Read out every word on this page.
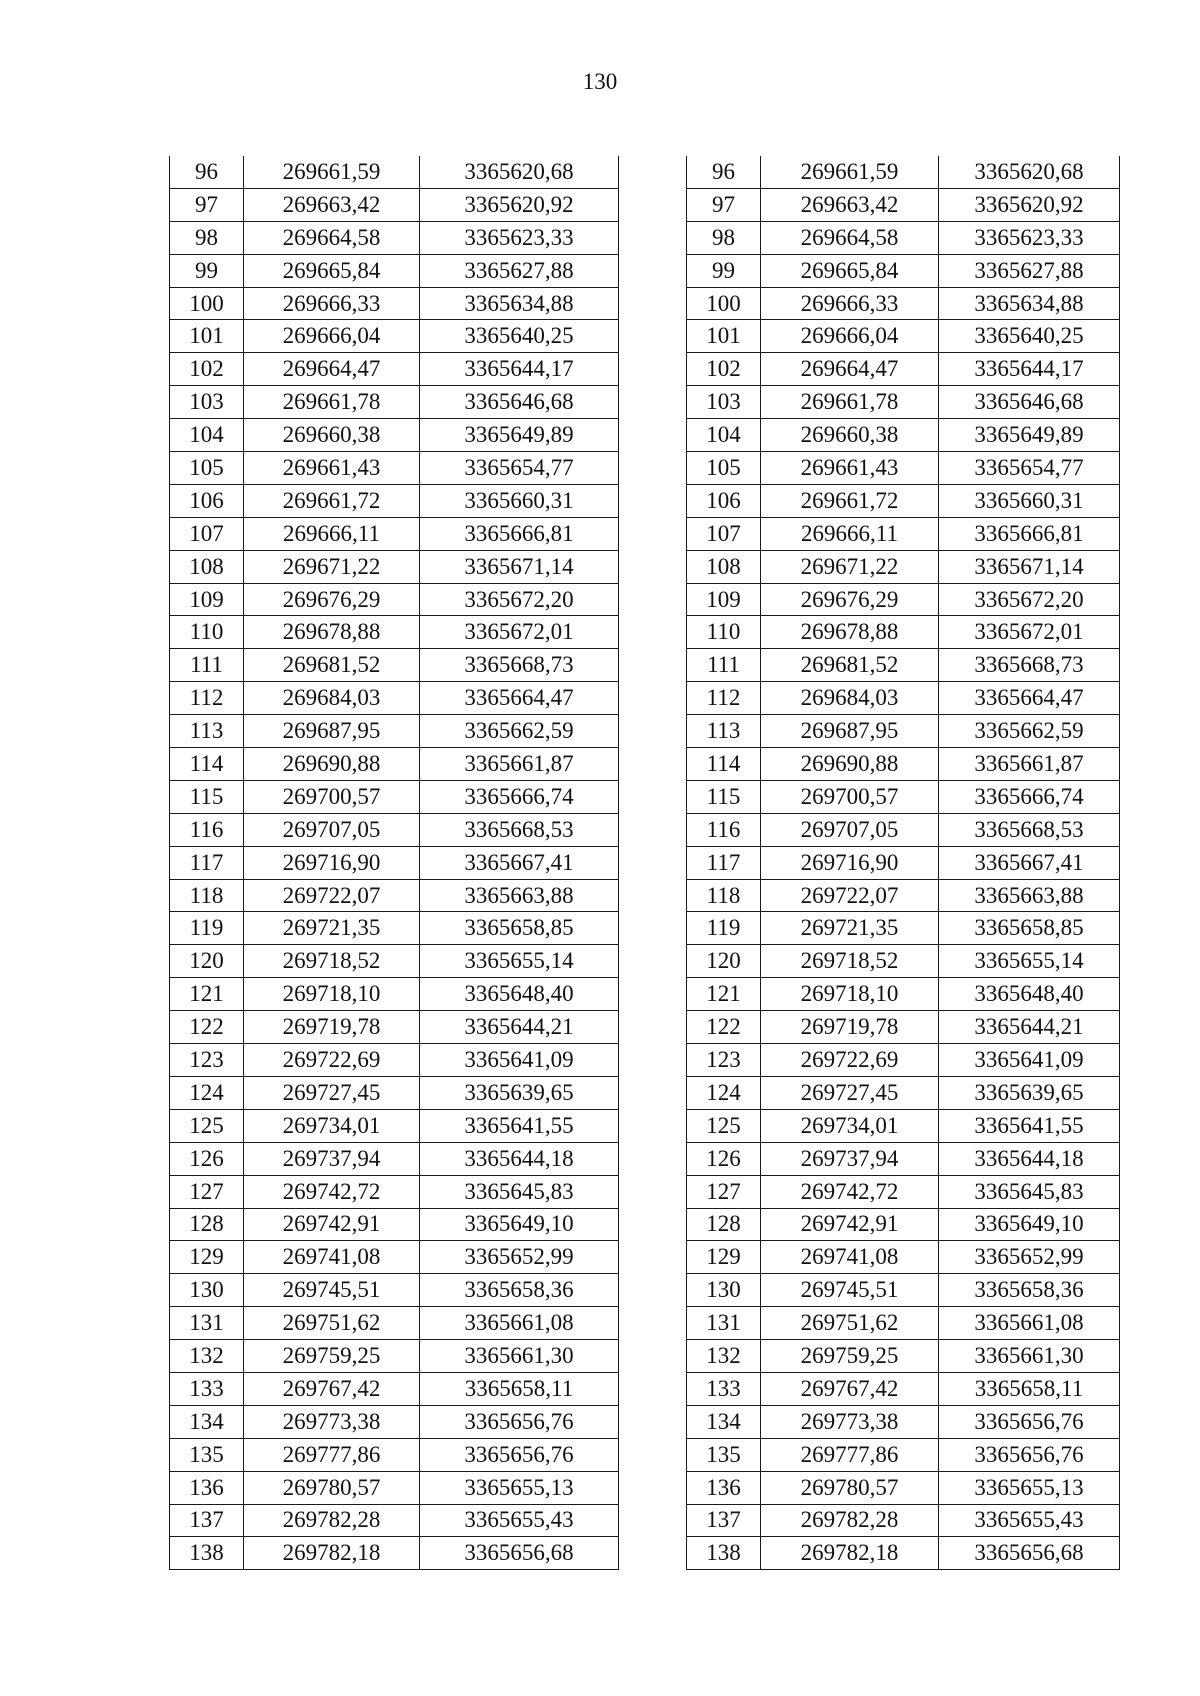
130
96	269661,59	3365620,68
97	269663,42	3365620,92
98	269664,58	3365623,33
99	269665,84	3365627,88
100	269666,33	3365634,88
101	269666,04	3365640,25
102	269664,47	3365644,17
103	269661,78	3365646,68
104	269660,38	3365649,89
105	269661,43	3365654,77
106	269661,72	3365660,31
107	269666,11	3365666,81
108	269671,22	3365671,14
109	269676,29	3365672,20
110	269678,88	3365672,01
111	269681,52	3365668,73
112	269684,03	3365664,47
113	269687,95	3365662,59
114	269690,88	3365661,87
115	269700,57	3365666,74
116	269707,05	3365668,53
117	269716,90	3365667,41
118	269722,07	3365663,88
119	269721,35	3365658,85
120	269718,52	3365655,14
121	269718,10	3365648,40
122	269719,78	3365644,21
123	269722,69	3365641,09
124	269727,45	3365639,65
125	269734,01	3365641,55
126	269737,94	3365644,18
127	269742,72	3365645,83
128	269742,91	3365649,10
129	269741,08	3365652,99
130	269745,51	3365658,36
131	269751,62	3365661,08
132	269759,25	3365661,30
133	269767,42	3365658,11
134	269773,38	3365656,76
135	269777,86	3365656,76
136	269780,57	3365655,13
137	269782,28	3365655,43
138	269782,18	3365656,68
96	269661,59	3365620,68
97	269663,42	3365620,92
98	269664,58	3365623,33
99	269665,84	3365627,88
100	269666,33	3365634,88
101	269666,04	3365640,25
102	269664,47	3365644,17
103	269661,78	3365646,68
104	269660,38	3365649,89
105	269661,43	3365654,77
106	269661,72	3365660,31
107	269666,11	3365666,81
108	269671,22	3365671,14
109	269676,29	3365672,20
110	269678,88	3365672,01
111	269681,52	3365668,73
112	269684,03	3365664,47
113	269687,95	3365662,59
114	269690,88	3365661,87
115	269700,57	3365666,74
116	269707,05	3365668,53
117	269716,90	3365667,41
118	269722,07	3365663,88
119	269721,35	3365658,85
120	269718,52	3365655,14
121	269718,10	3365648,40
122	269719,78	3365644,21
123	269722,69	3365641,09
124	269727,45	3365639,65
125	269734,01	3365641,55
126	269737,94	3365644,18
127	269742,72	3365645,83
128	269742,91	3365649,10
129	269741,08	3365652,99
130	269745,51	3365658,36
131	269751,62	3365661,08
132	269759,25	3365661,30
133	269767,42	3365658,11
134	269773,38	3365656,76
135	269777,86	3365656,76
136	269780,57	3365655,13
137	269782,28	3365655,43
138	269782,18	3365656,68
